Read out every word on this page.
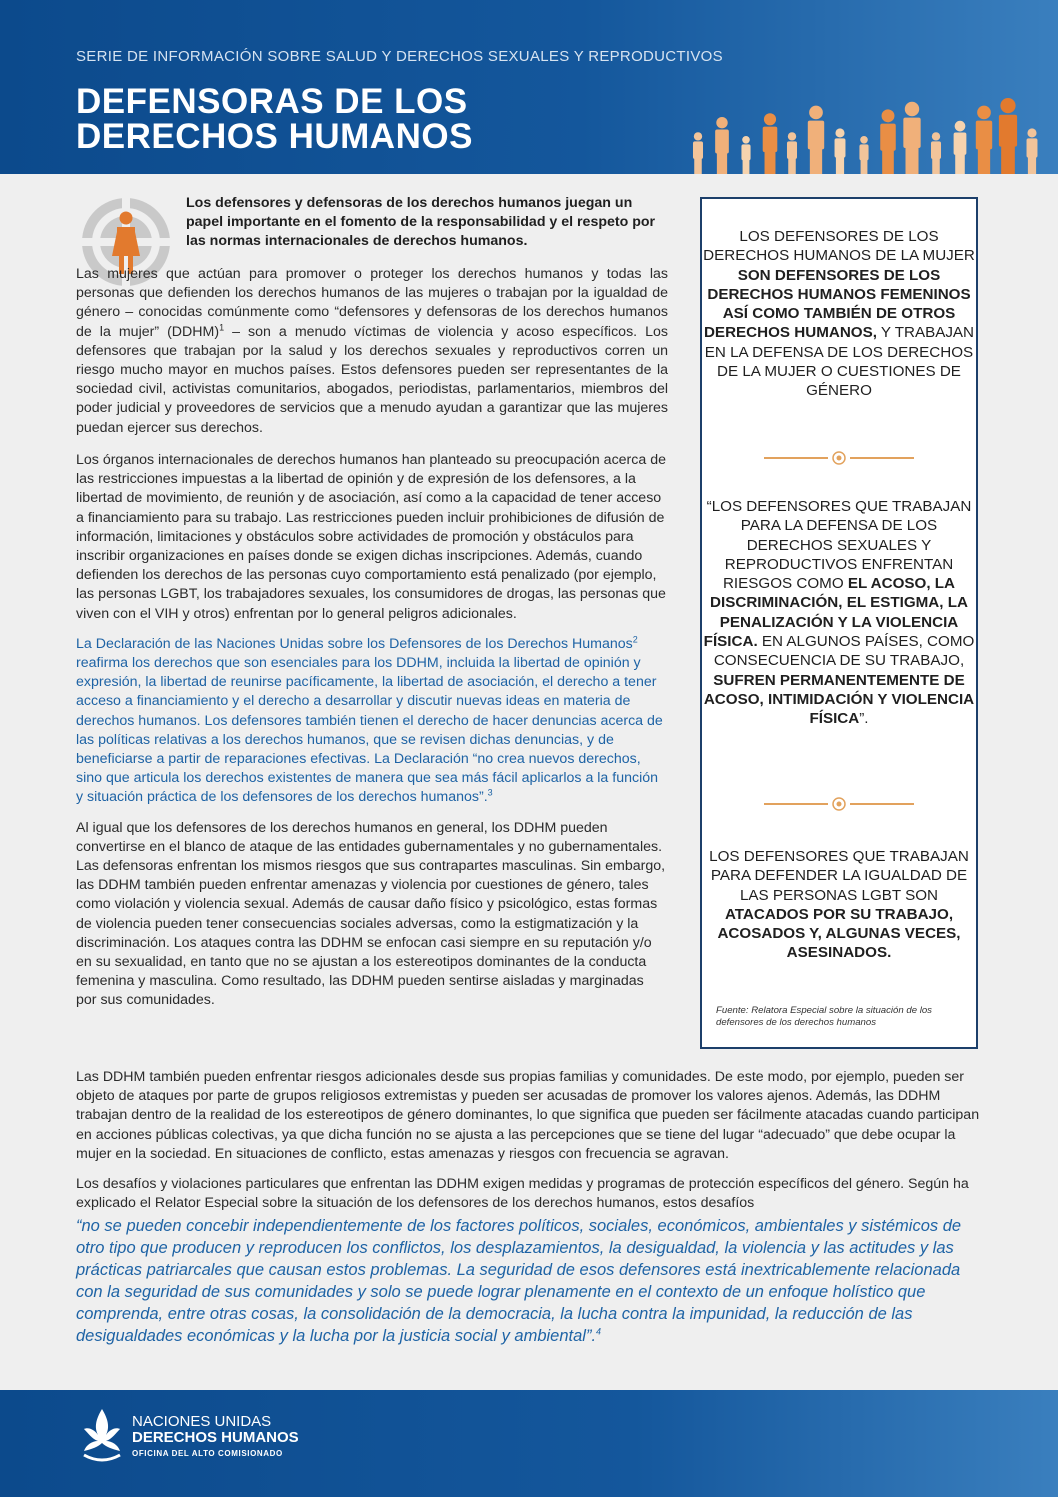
SERIE DE INFORMACIÓN SOBRE SALUD Y DERECHOS SEXUALES Y REPRODUCTIVOS
DEFENSORAS DE LOS
DERECHOS HUMANOS
Los defensores y defensoras de los derechos humanos juegan un papel importante en el fomento de la responsabilidad y el respeto por las normas internacionales de derechos humanos.
Las mujeres que actúan para promover o proteger los derechos humanos y todas las personas que defienden los derechos humanos de las mujeres o trabajan por la igualdad de género – conocidas comúnmente como “defensores y defensoras de los derechos humanos de la mujer” (DDHM)$^1$ – son a menudo víctimas de violencia y acoso específicos. Los defensores que trabajan por la salud y los derechos sexuales y reproductivos corren un riesgo mucho mayor en muchos países. Estos defensores pueden ser representantes de la sociedad civil, activistas comunitarios, abogados, periodistas, parlamentarios, miembros del poder judicial y proveedores de servicios que a menudo ayudan a garantizar que las mujeres puedan ejercer sus derechos.

Los órganos internacionales de derechos humanos han planteado su preocupación acerca de las restricciones impuestas a la libertad de opinión y de expresión de los defensores, a la libertad de movimiento, de reunión y de asociación, así como a la capacidad de tener acceso a financiamiento para su trabajo. Las restricciones pueden incluir prohibiciones de difusión de información, limitaciones y obstáculos sobre actividades de promoción y obstáculos para inscribir organizaciones en países donde se exigen dichas inscripciones. Además, cuando defienden los derechos de las personas cuyo comportamiento está penalizado (por ejemplo, las personas LGBT, los trabajadores sexuales, los consumidores de drogas, las personas que viven con el VIH y otros) enfrentan por lo general peligros adicionales.

La Declaración de las Naciones Unidas sobre los Defensores de los Derechos Humanos$^2$ reafirma los derechos que son esenciales para los DDHM, incluida la libertad de opinión y expresión, la libertad de reunirse pacíficamente, la libertad de asociación, el derecho a tener acceso a financiamiento y el derecho a desarrollar y discutir nuevas ideas en materia de derechos humanos. Los defensores también tienen el derecho de hacer denuncias acerca de las políticas relativas a los derechos humanos, que se revisen dichas denuncias, y de beneficiarse a partir de reparaciones efectivas. La Declaración “no crea nuevos derechos, sino que articula los derechos existentes de manera que sea más fácil aplicarlos a la función y situación práctica de los defensores de los derechos humanos”.$^3$

Al igual que los defensores de los derechos humanos en general, los DDHM pueden convertirse en el blanco de ataque de las entidades gubernamentales y no gubernamentales. Las defensoras enfrentan los mismos riesgos que sus contrapartes masculinas. Sin embargo, las DDHM también pueden enfrentar amenazas y violencia por cuestiones de género, tales como violación y violencia sexual. Además de causar daño físico y psicológico, estas formas de violencia pueden tener consecuencias sociales adversas, como la estigmatización y la discriminación. Los ataques contra las DDHM se enfocan casi siempre en su reputación y/o en su sexualidad, en tanto que no se ajustan a los estereotipos dominantes de la conducta femenina y masculina. Como resultado, las DDHM pueden sentirse aisladas y marginadas por sus comunidades.

Las DDHM también pueden enfrentar riesgos adicionales desde sus propias familias y comunidades. De este modo, por ejemplo, pueden ser objeto de ataques por parte de grupos religiosos extremistas y pueden ser acusadas de promover los valores ajenos. Además, las DDHM trabajan dentro de la realidad de los estereotipos de género dominantes, lo que significa que pueden ser fácilmente atacadas cuando participan en acciones públicas colectivas, ya que dicha función no se ajusta a las percepciones que se tiene del lugar “adecuado” que debe ocupar la mujer en la sociedad. En situaciones de conflicto, estas amenazas y riesgos con frecuencia se agravan.

Los desafíos y violaciones particulares que enfrentan las DDHM exigen medidas y programas de protección específicos del género. Según ha explicado el Relator Especial sobre la situación de los defensores de los derechos humanos, estos desafíos

“no se pueden concebir independientemente de los factores políticos, sociales, económicos, ambientales y sistémicos de otro tipo que producen y reproducen los conflictos, los desplazamientos, la desigualdad, la violencia y las actitudes y las prácticas patriarcales que causan estos problemas. La seguridad de esos defensores está inextricablemente relacionada con la seguridad de sus comunidades y solo se puede lograr plenamente en el contexto de un enfoque holístico que comprenda, entre otras cosas, la consolidación de la democracia, la lucha contra la impunidad, la reducción de las desigualdades económicas y la lucha por la justicia social y ambiental”.$^4$
LOS DEFENSORES DE LOS DERECHOS HUMANOS DE LA MUJER SON DEFENSORES DE LOS DERECHOS HUMANOS FEMENINOS ASÍ COMO TAMBIÉN DE OTROS DERECHOS HUMANOS, Y TRABAJAN EN LA DEFENSA DE LOS DERECHOS DE LA MUJER O CUESTIONES DE GÉNERO
“LOS DEFENSORES QUE TRABAJAN PARA LA DEFENSA DE LOS DERECHOS SEXUALES Y REPRODUCTIVOS ENFRENTAN RIESGOS COMO EL ACOSO, LA DISCRIMINACIÓN, EL ESTIGMA, LA PENALIZACIÓN Y LA VIOLENCIA FÍSICA. EN ALGUNOS PAÍSES, COMO CONSECUENCIA DE SU TRABAJO, SUFREN PERMANENTEMENTE DE ACOSO, INTIMIDACIÓN Y VIOLENCIA FÍSICA”.
LOS DEFENSORES QUE TRABAJAN PARA DEFENDER LA IGUALDAD DE LAS PERSONAS LGBT SON ATACADOS POR SU TRABAJO, ACOSADOS Y, ALGUNAS VECES, ASESINADOS.
Fuente: Relatora Especial sobre la situación de los defensores de los derechos humanos
NACIONES UNIDAS
DERECHOS HUMANOS
OFICINA DEL ALTO COMISIONADO
